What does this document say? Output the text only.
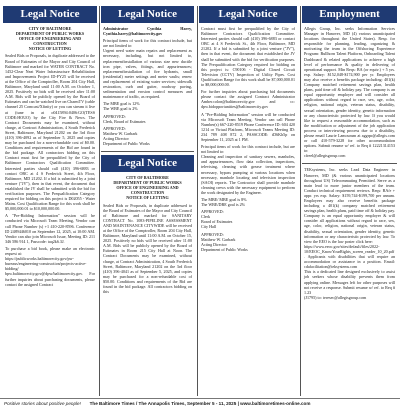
Legal Notice
CITY OF BALTIMORE
DEPARTMENT OF PUBLIC WORKS
OFFICE OF ENGINEERING AND CONSTRUCTION
NOTICE OF LETTING
Sealed Bids or Proposals, in duplicate addressed to the Board of Estimates of the Mayor and City Council of Baltimore and marked for WATER CONTRACT No. 1452-Clear Neat Water Infrastructure Rehabilitation and Improvements Project ID-FY25 will be received at the Office of the Comptroller, Room 204 City Hall, Baltimore, Maryland until 11:00 A.M. on October 1, 2025. Positively no bids will be received after 11:00 A.M. Bids will be publicly opened by the Board of Estimates and can be watched live on CharmTV (cable channel 25 Comcast/Xfinity) or you can stream it live at (tune in at o0415894:0406:GO(TESS CODE:HOUO) by the City Fire & News. The Contract Documents may be examined, without charge, at Contract Administration, 4 South Frederick Street, Baltimore, Maryland 21202 on the 3rd floor (410) 396-4092 as of September 5, 2025 and copies may be purchased for a non-refundable cost of $0.00. Conditions and requirements of the Bid are found in the bid package. All contractors bidding on this Contract must first be prequalified by the City of Baltimore Contractors Qualification Committee. Interested parties should call (410) 396-6883 or contact OBC at 4 S Frederick Street, 4th Floor, Baltimore, MD 21202. If a bid is submitted by a joint venture ("JV"), then in that event, the document that established the JV shall be submitted with the bid for verification purposes. The Prequalification Category required for bidding on this project is D02055 - Water Mains. Cost Qualification Range for this work shall be $5,000,000.01 to $10,000,000.00.
A "Pre-Bidding Information" session will be conducted via Microsoft Team Meeting, Vendor can call Phone Number (s) +1 410-220-8596. Conference ID 2489446010 on September 12, 2025, at 10:00 AM. Vendor can also join Microsoft Issue, Meeting ID: 211 346 586 914 1, Passcode: taq2k6.3J.
To purchase a bid book, please make an electronic request at:
https://publicworks.baltimorecity.gov/pw-bureaus/engineering-construction/projects-active-bidding/
bpw.baltimorecity.gov@dpw/baltimorecity.gov. For further inquiries about purchasing documents, please contact the assigned Contract
Legal Notice
Administrator Cynthia Harry, Cynthia.harry@baltimorecity.gov
Principal items of work for this contract include, but are not limited to:
Urgent need water main repairs and replacement as necessary, including, but not limited to, replacement/installation of various size new ductile iron pipe, valves, fittings, and appurtenances; replacement/installation of fire hydrants, small (residential) meter settings and meter vaults; renew and replacement of existing water services; sidewalk restoration, curb and gutter, roadway paving, sedimentation and erosion control measures and maintenance of traffic, as required.
The MBE goal is 12%
The WBE goal is 2%
APPROVED:
Clerk, Board of Estimates
APPROVED:
Matthew W. Garbark
Acting Director
Department of Public Works
Legal Notice
CITY OF BALTIMORE
DEPARTMENT OF PUBLIC WORKS
OFFICE OF ENGINEERING AND CONSTRUCTION
NOTICE OF LETTING
Sealed Bids or Proposals, in duplicate addressed to the Board of Estimates of the Mayor and City Council of Baltimore and marked for SANITARY CONTRACT No. 1083-PIPELINE ASSESSMENT AND MAINTENANCE CITYWIDE will be received at the Office of the Comptroller, Room 204 City Hall, Baltimore, Maryland until 11:00 A.M. on October 15, 2025. Positively no bids will be received after 11:00 A.M. Bids will be publicly opened by the Board of Estimates in Room 215 City Hall at Noon. The Contract Documents may be examined, without charge, at Contract Administration, 4 South Frederick Street, Baltimore, Maryland 21202 on the 3rd floor (410) 396-4041 as of September 5, 2025, and copies may be purchased for a non-refundable cost of $50.00. Conditions and requirements of the Bid are found in the bid package. All contractors bidding on this
Legal Notice
Contract must first be prequalified by the City of Baltimore Contractors Qualification Committee. Interested parties should call (410) 396-6883 or contact OBC at 4 S Frederick St., 4th Floor, Baltimore, MD 21202. If a bid is submitted by a joint venture ("JV"), then in that event, the document that established the JV shall be submitted with the bid for verification purposes. The Prequalification Category required for bidding on this project is: C90106 - Digital Closed Circuit Television (CCTV) Inspection of Utility Pipes. Cost Qualification Range for this work shall be $7,000,000.01 to $8,000,000.00.
For further inquiries about purchasing bid documents please contact the assigned Contract Administrator Amber.colon@baltimorecity.gov and cc: dpw.bidopportunities@baltimorecity.gov
A "Pre-Bidding Information" session will be conducted via Microsoft Team Meeting. Vendor can call Phone Number(s) 667-220-8519 Phone Conference ID: 604 420 1214 or Virtual Platform, Microsoft Teams Meeting ID: 234 789 408 872 2, PASSCODE: tD6Kh5p on September 11, 2025 at 1 PM.
Principal items of work for this contract include, but are not limited to:
Cleaning and inspection of sanitary sewers, manholes, and appurtenances, flow data collection, inspections, televising, cleaning with grease treatment where necessary, bypass pumping at various locations when necessary, manhole locating and television inspection (SAOI) reports. The Contractor shall provide manhole cleaning crews with the necessary equipment to perform the work designated by the Engineer.
The MBE/ MBE goal is 8%
The WBE/DBE goal is 2%
APPROVED:
Clerk
Board of Estimates
City Hall
APPROVED:
Matthew W. Garbark
Acting Director
Department of Public Works
Employment
Allegis Group, Inc. seeks Information Services Manager in Hanover, MD (4) various unanticipated locations throughout the United States). Resp. for responsible for planning, leading, organizing & motivating the team in the Offshoring Experience Program: Bullhorn Talent Platform, Onboarding Talent Dashboard & related applications to achieve a high level of performance & quality in delivering of operational support. Min Reqs: BA (or equiv.) + 5 yrs. exp. Salary: $152,048-$174,900 per yr. Employees may also receive a benefits package including: 401(k) Company matched retirement savings plan, health plans, paid time off & holiday pay. The company is an equal opportunity employer and will consider all applications without regard to race, sex, age, color, religion, national origin, veteran status, disability, sexual orientation, gender identity, genetic information or any characteristic protected by law. If you would like to request a reasonable accommodation, such as the modification or adjustment of the job application process or interviewing process due to a disability, please email Laurie Lamourum at aggrpr@allegis.com or call 410-579-3228 for other accommodation options. Submit resume w/ ref. to Req # 12221314153 to:
cfreel@allegisgroup.com
TEKsystems, Inc. seeks Lead Data Engineer in Hanover, MD (& various unanticipated locations throughout US) Telecommuting Permitted. Serve as a main lead to more junior members of the team. Conduct technical requirement reviews. Reqs: BA/e + appr. yrs exp. Salary: $159,744-$199,700 per annum. Employees may also receive benefits package including a 401(k) company matched retirement savings plan, health plans, paid time off & holiday pay. Company is an equal opportunity employer & will consider all applications without regard to race, sex, age, color, religion, national origin, veteran status, disability, sexual orientation, gender identity, genetic information or any characteristic protected by law. To view the EEO is the law poster click here:
https://www.eeoc.gov/sites/default/files/2022-10/EEOC_KnowYourRights_screen_reader_10_20.pdf. Applicants with disabilities that will require an accommodation or assistance in a position. Email: cdafacilitation@teksystems.com
This is a dedicated line designed exclusively to assist job seekers whose disability prevents them from applying online. Messages left for other purposes will not receive a response. Submit resume w/ ref. to Req # 1.23
(J1795) to: teresec@allegisgroup.com
Positive stories about positive people!	The Baltimore Times / The Annapolis Times, September 5 - 11, 2025 | www.baltimoretimes-online.com
